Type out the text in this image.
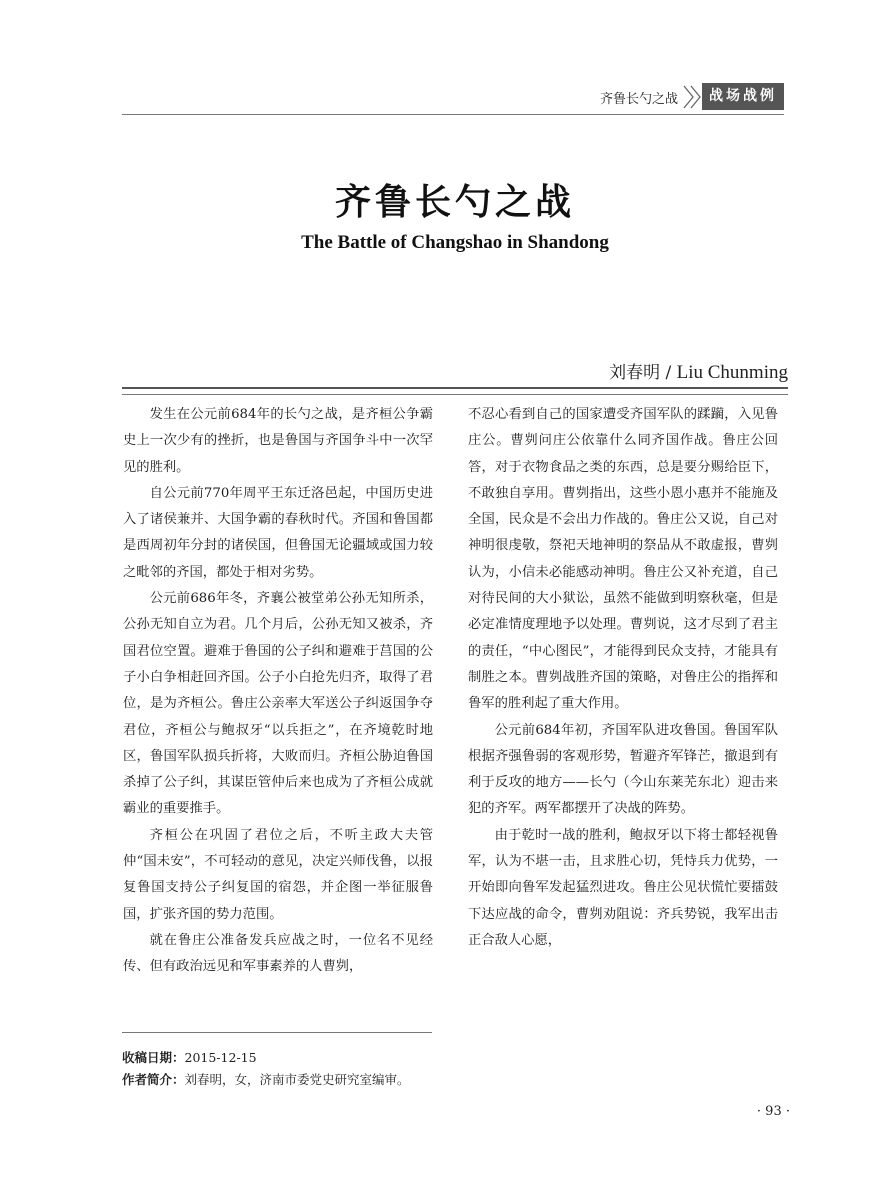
齐鲁长勺之战	战场战例
齐鲁长勺之战
The Battle of Changshao in Shandong
刘春明 / Liu Chunming

发生在公元前684年的长勺之战，是齐桓公争霸史上一次少有的挫折，也是鲁国与齐国争斗中一次罕见的胜利。

自公元前770年周平王东迁洛邑起，中国历史进入了诸侯兼并、大国争霸的春秋时代。齐国和鲁国都是西周初年分封的诸侯国，但鲁国无论疆域或国力较之毗邻的齐国，都处于相对劣势。

公元前686年冬，齐襄公被堂弟公孙无知所杀，公孙无知自立为君。几个月后，公孙无知又被杀，齐国君位空置。避难于鲁国的公子纠和避难于莒国的公子小白争相赶回齐国。公子小白抢先归齐，取得了君位，是为齐桓公。鲁庄公亲率大军送公子纠返国争夺君位，齐桓公与鲍叔牙“以兵拒之”，在齐境乾时地区，鲁国军队损兵折将，大败而归。齐桓公胁迫鲁国杀掉了公子纠，其谋臣管仲后来也成为了齐桓公成就霸业的重要推手。

齐桓公在巩固了君位之后，不听主政大夫管仲“国未安”，不可轻动的意见，决定兴师伐鲁，以报复鲁国支持公子纠复国的宿怨，并企图一举征服鲁国，扩张齐国的势力范围。

就在鲁庄公准备发兵应战之时，一位名不见经传、但有政治远见和军事素养的人曹刿，

不忍心看到自己的国家遭受齐国军队的蹂躏，入见鲁庄公。曹刿问庄公依靠什么同齐国作战。鲁庄公回答，对于衣物食品之类的东西，总是要分赐给臣下，不敢独自享用。曹刿指出，这些小恩小惠并不能施及全国，民众是不会出力作战的。鲁庄公又说，自己对神明很虔敬，祭祀天地神明的祭品从不敢虚报，曹刿认为，小信未必能感动神明。鲁庄公又补充道，自己对待民间的大小狱讼，虽然不能做到明察秋毫，但是必定准情度理地予以处理。曹刿说，这才尽到了君主的责任，“中心图民”，才能得到民众支持，才能具有制胜之本。曹刿战胜齐国的策略，对鲁庄公的指挥和鲁军的胜利起了重大作用。

公元前684年初，齐国军队进攻鲁国。鲁国军队根据齐强鲁弱的客观形势，暂避齐军锋芒，撤退到有利于反攻的地方——长勺（今山东莱芜东北）迎击来犯的齐军。两军都摆开了决战的阵势。

由于乾时一战的胜利，鲍叔牙以下将士都轻视鲁军，认为不堪一击，且求胜心切，凭恃兵力优势，一开始即向鲁军发起猛烈进攻。鲁庄公见状慌忙要擂鼓下达应战的命令，曹刿劝阻说：齐兵势锐，我军出击正合敌人心愿，

收稿日期：2015-12-15
作者简介：刘春明，女，济南市委党史研究室编审。
· 93 ·
